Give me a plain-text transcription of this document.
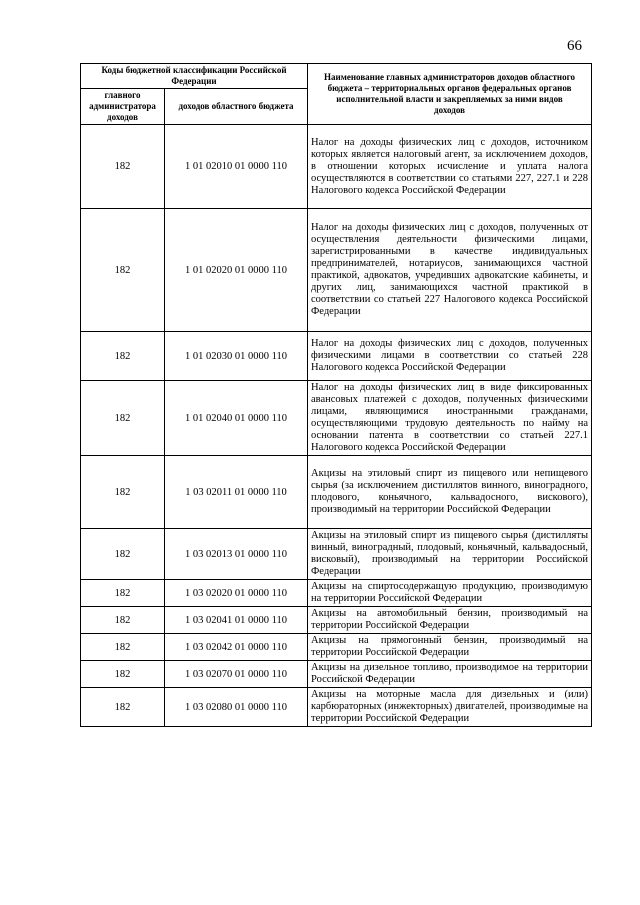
66
Коды бюджетной классификации Российской Федерации		Наименование главных администраторов доходов областного бюджета – территориальных органов федеральных органов исполнительной власти и закрепляемых за ними видов доходов
главного администратора доходов	доходов областного бюджета	
182	1 01 02010 01 0000 110	Налог на доходы физических лиц с доходов, источником которых является налоговый агент, за исключением доходов, в отношении которых исчисление и уплата налога осуществляются в соответствии со статьями 227, 227.1 и 228 Налогового кодекса Российской Федерации
182	1 01 02020 01 0000 110	Налог на доходы физических лиц с доходов, полученных от осуществления деятельности физическими лицами, зарегистрированными в качестве индивидуальных предпринимателей, нотариусов, занимающихся частной практикой, адвокатов, учредивших адвокатские кабинеты, и других лиц, занимающихся частной практикой в соответствии со статьей 227 Налогового кодекса Российской Федерации
182	1 01 02030 01 0000 110	Налог на доходы физических лиц с доходов, полученных физическими лицами в соответствии со статьей 228 Налогового кодекса Российской Федерации
182	1 01 02040 01 0000 110	Налог на доходы физических лиц в виде фиксированных авансовых платежей с доходов, полученных физическими лицами, являющимися иностранными гражданами, осуществляющими трудовую деятельность по найму на основании патента в соответствии со статьей 227.1 Налогового кодекса Российской Федерации
182	1 03 02011 01 0000 110	Акцизы на этиловый спирт из пищевого или непищевого сырья (за исключением дистиллятов винного, виноградного, плодового, коньячного, кальвадосного, вискового), производимый на территории Российской Федерации
182	1 03 02013 01 0000 110	Акцизы на этиловый спирт из пищевого сырья (дистилляты винный, виноградный, плодовый, коньячный, кальвадосный, висковый), производимый на территории Российской Федерации
182	1 03 02020 01 0000 110	Акцизы на спиртосодержащую продукцию, производимую на территории Российской Федерации
182	1 03 02041 01 0000 110	Акцизы на автомобильный бензин, производимый на территории Российской Федерации
182	1 03 02042 01 0000 110	Акцизы на прямогонный бензин, производимый на территории Российской Федерации
182	1 03 02070 01 0000 110	Акцизы на дизельное топливо, производимое на территории Российской Федерации
182	1 03 02080 01 0000 110	Акцизы на моторные масла для дизельных и (или) карбюраторных (инжекторных) двигателей, производимые на территории Российской Федерации
